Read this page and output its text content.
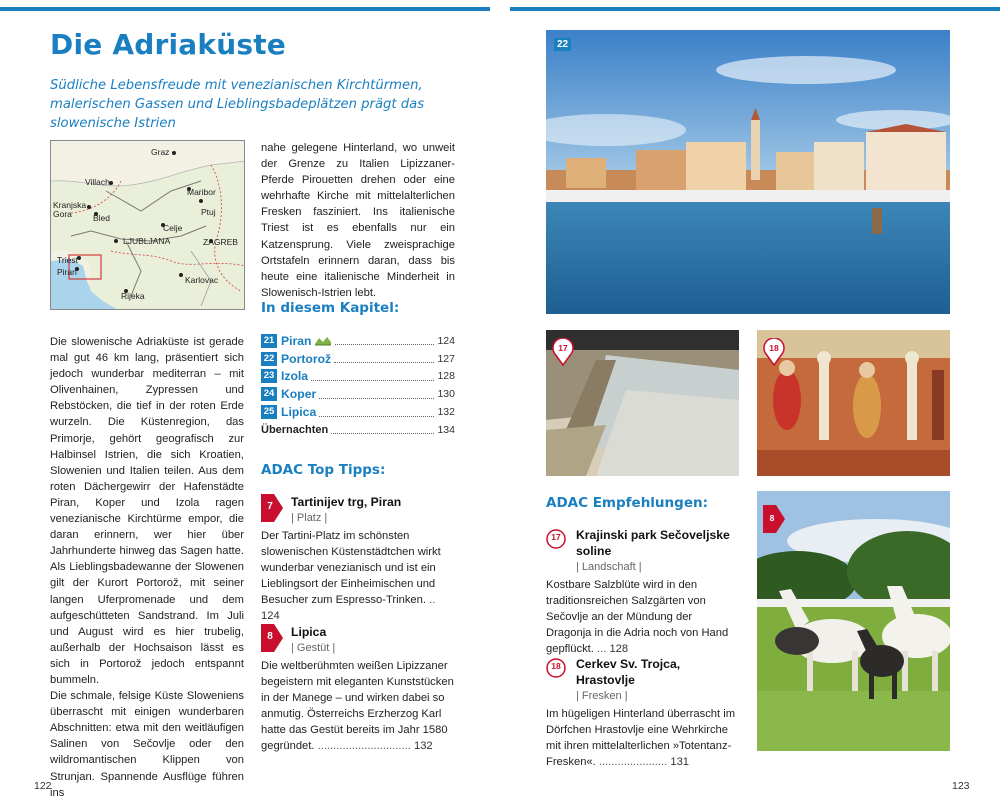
Die Adriaküste

Südliche Lebensfreude mit venezianischen Kirchtürmen, malerischen Gassen und Lieblingsbadeplätzen prägt das slowenische Istrien

Graz
Villach
Maribor
Kranjska Gora	Bled
Ptuj
Celje
LJUBLJANA	ZAGREB
Triest
Piran
Karlovac
Rijeka

Die slowenische Adriaküste ist gerade mal gut 46 km lang, präsentiert sich jedoch wunderbar mediterran – mit Olivenhainen, Zypressen und Rebstöcken, die tief in der roten Erde wurzeln. Die Küstenregion, das Primorje, gehört geografisch zur Halbinsel Istrien, die sich Kroatien, Slowenien und Italien teilen. Aus dem roten Dächergewirr der Hafenstädte Piran, Koper und Izola ragen venezianische Kirchtürme empor, die daran erinnern, wer hier über Jahrhunderte hinweg das Sagen hatte. Als Lieblingsbadewanne der Slowenen gilt der Kurort Portorož, mit seiner langen Uferpromenade und dem aufgeschütteten Sandstrand. Im Juli und August wird es hier trubelig, außerhalb der Hochsaison lässt es sich in Portorož jedoch entspannt bummeln.

Die schmale, felsige Küste Sloweniens überrascht mit einigen wunderbaren Abschnitten: etwa mit den weitläufigen Salinen von Sečovlje oder den wildromantischen Klippen von Strunjan. Spannende Ausflüge führen ins

nahe gelegene Hinterland, wo unweit der Grenze zu Italien Lipizzaner-Pferde Pirouetten drehen oder eine wehrhafte Kirche mit mittelalterlichen Fresken fasziniert. Ins italienische Triest ist es ebenfalls nur ein Katzensprung. Viele zweisprachige Ortstafeln erinnern daran, dass bis heute eine italienische Minderheit in Slowenisch-Istrien lebt.
In diesem Kapitel:
21 Piran	124
22 Portorož	127
23 Izola	128
24 Koper	130
25 Lipica	132
Übernachten	134
ADAC Top Tipps:
7	Tartinijev trg, Piran
| Platz |

Der Tartini-Platz im schönsten slowenischen Küstenstädtchen wirkt wunderbar venezianisch und ist ein Lieblingsort der Einheimischen und Besucher zum Espresso-Trinken. .. 124

8	Lipica
| Gestüt |

Die weltberühmten weißen Lipizzaner begeistern mit eleganten Kunststücken in der Manege – und wirken dabei so anmutig. Österreichs Erzherzog Karl hatte das Gestüt bereits im Jahr 1580 gegründet. .............................. 132

122
22
17	18
8
ADAC Empfehlungen:
17	Krajinski park Sečoveljske soline
| Landschaft |

Kostbare Salzblüte wird in den traditionsreichen Salzgärten von Sečovlje an der Mündung der Dragonja in die Adria noch von Hand gepflückt. ... 128

18	Cerkev Sv. Trojca, Hrastovlje
| Fresken |

Im hügeligen Hinterland überrascht im Dörfchen Hrastovlje eine Wehrkirche mit ihren mittelalterlichen »Totentanz-Fresken«. ...................... 131

123
